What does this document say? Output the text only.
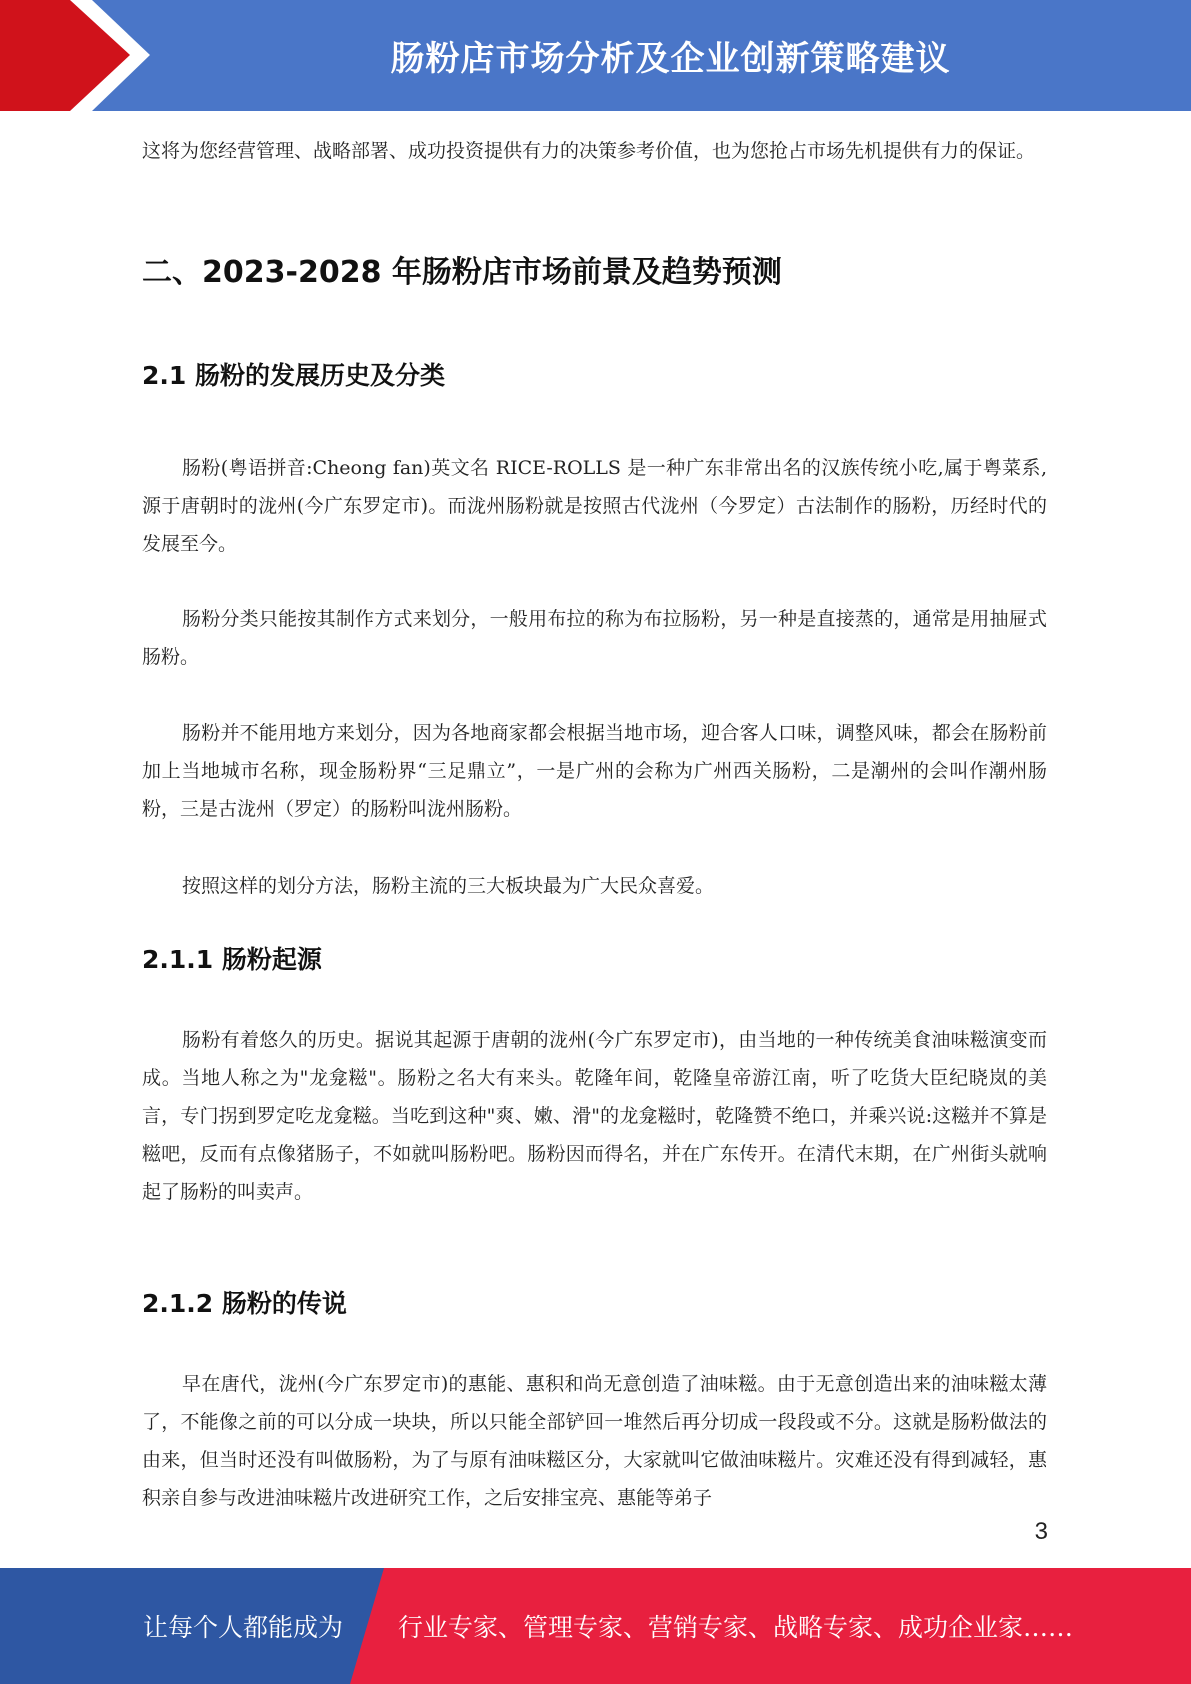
肠粉店市场分析及企业创新策略建议

这将为您经营管理、战略部署、成功投资提供有力的决策参考价值，也为您抢占市场先机提供有力的保证。

二、2023-2028 年肠粉店市场前景及趋势预测
2.1 肠粉的发展历史及分类

肠粉(粤语拼音:Cheong fan)英文名 RICE-ROLLS 是一种广东非常出名的汉族传统小吃,属于粤菜系,源于唐朝时的泷州(今广东罗定市)。而泷州肠粉就是按照古代泷州（今罗定）古法制作的肠粉，历经时代的发展至今。

肠粉分类只能按其制作方式来划分，一般用布拉的称为布拉肠粉，另一种是直接蒸的，通常是用抽屉式肠粉。

肠粉并不能用地方来划分，因为各地商家都会根据当地市场，迎合客人口味，调整风味，都会在肠粉前加上当地城市名称，现金肠粉界“三足鼎立”，一是广州的会称为广州西关肠粉，二是潮州的会叫作潮州肠粉，三是古泷州（罗定）的肠粉叫泷州肠粉。

按照这样的划分方法，肠粉主流的三大板块最为广大民众喜爱。

2.1.1 肠粉起源

肠粉有着悠久的历史。据说其起源于唐朝的泷州(今广东罗定市)，由当地的一种传统美食油味糍演变而成。当地人称之为"龙龛糍"。肠粉之名大有来头。乾隆年间，乾隆皇帝游江南，听了吃货大臣纪晓岚的美言，专门拐到罗定吃龙龛糍。当吃到这种"爽、嫩、滑"的龙龛糍时，乾隆赞不绝口，并乘兴说:这糍并不算是糍吧，反而有点像猪肠子，不如就叫肠粉吧。肠粉因而得名，并在广东传开。在清代末期，在广州街头就响起了肠粉的叫卖声。

2.1.2 肠粉的传说

早在唐代，泷州(今广东罗定市)的惠能、惠积和尚无意创造了油味糍。由于无意创造出来的油味糍太薄了，不能像之前的可以分成一块块，所以只能全部铲回一堆然后再分切成一段段或不分。这就是肠粉做法的由来，但当时还没有叫做肠粉，为了与原有油味糍区分，大家就叫它做油味糍片。灾难还没有得到减轻，惠积亲自参与改进油味糍片改进研究工作，之后安排宝亮、惠能等弟子

3
让每个人都能成为 行业专家、管理专家、营销专家、战略专家、成功企业家……
